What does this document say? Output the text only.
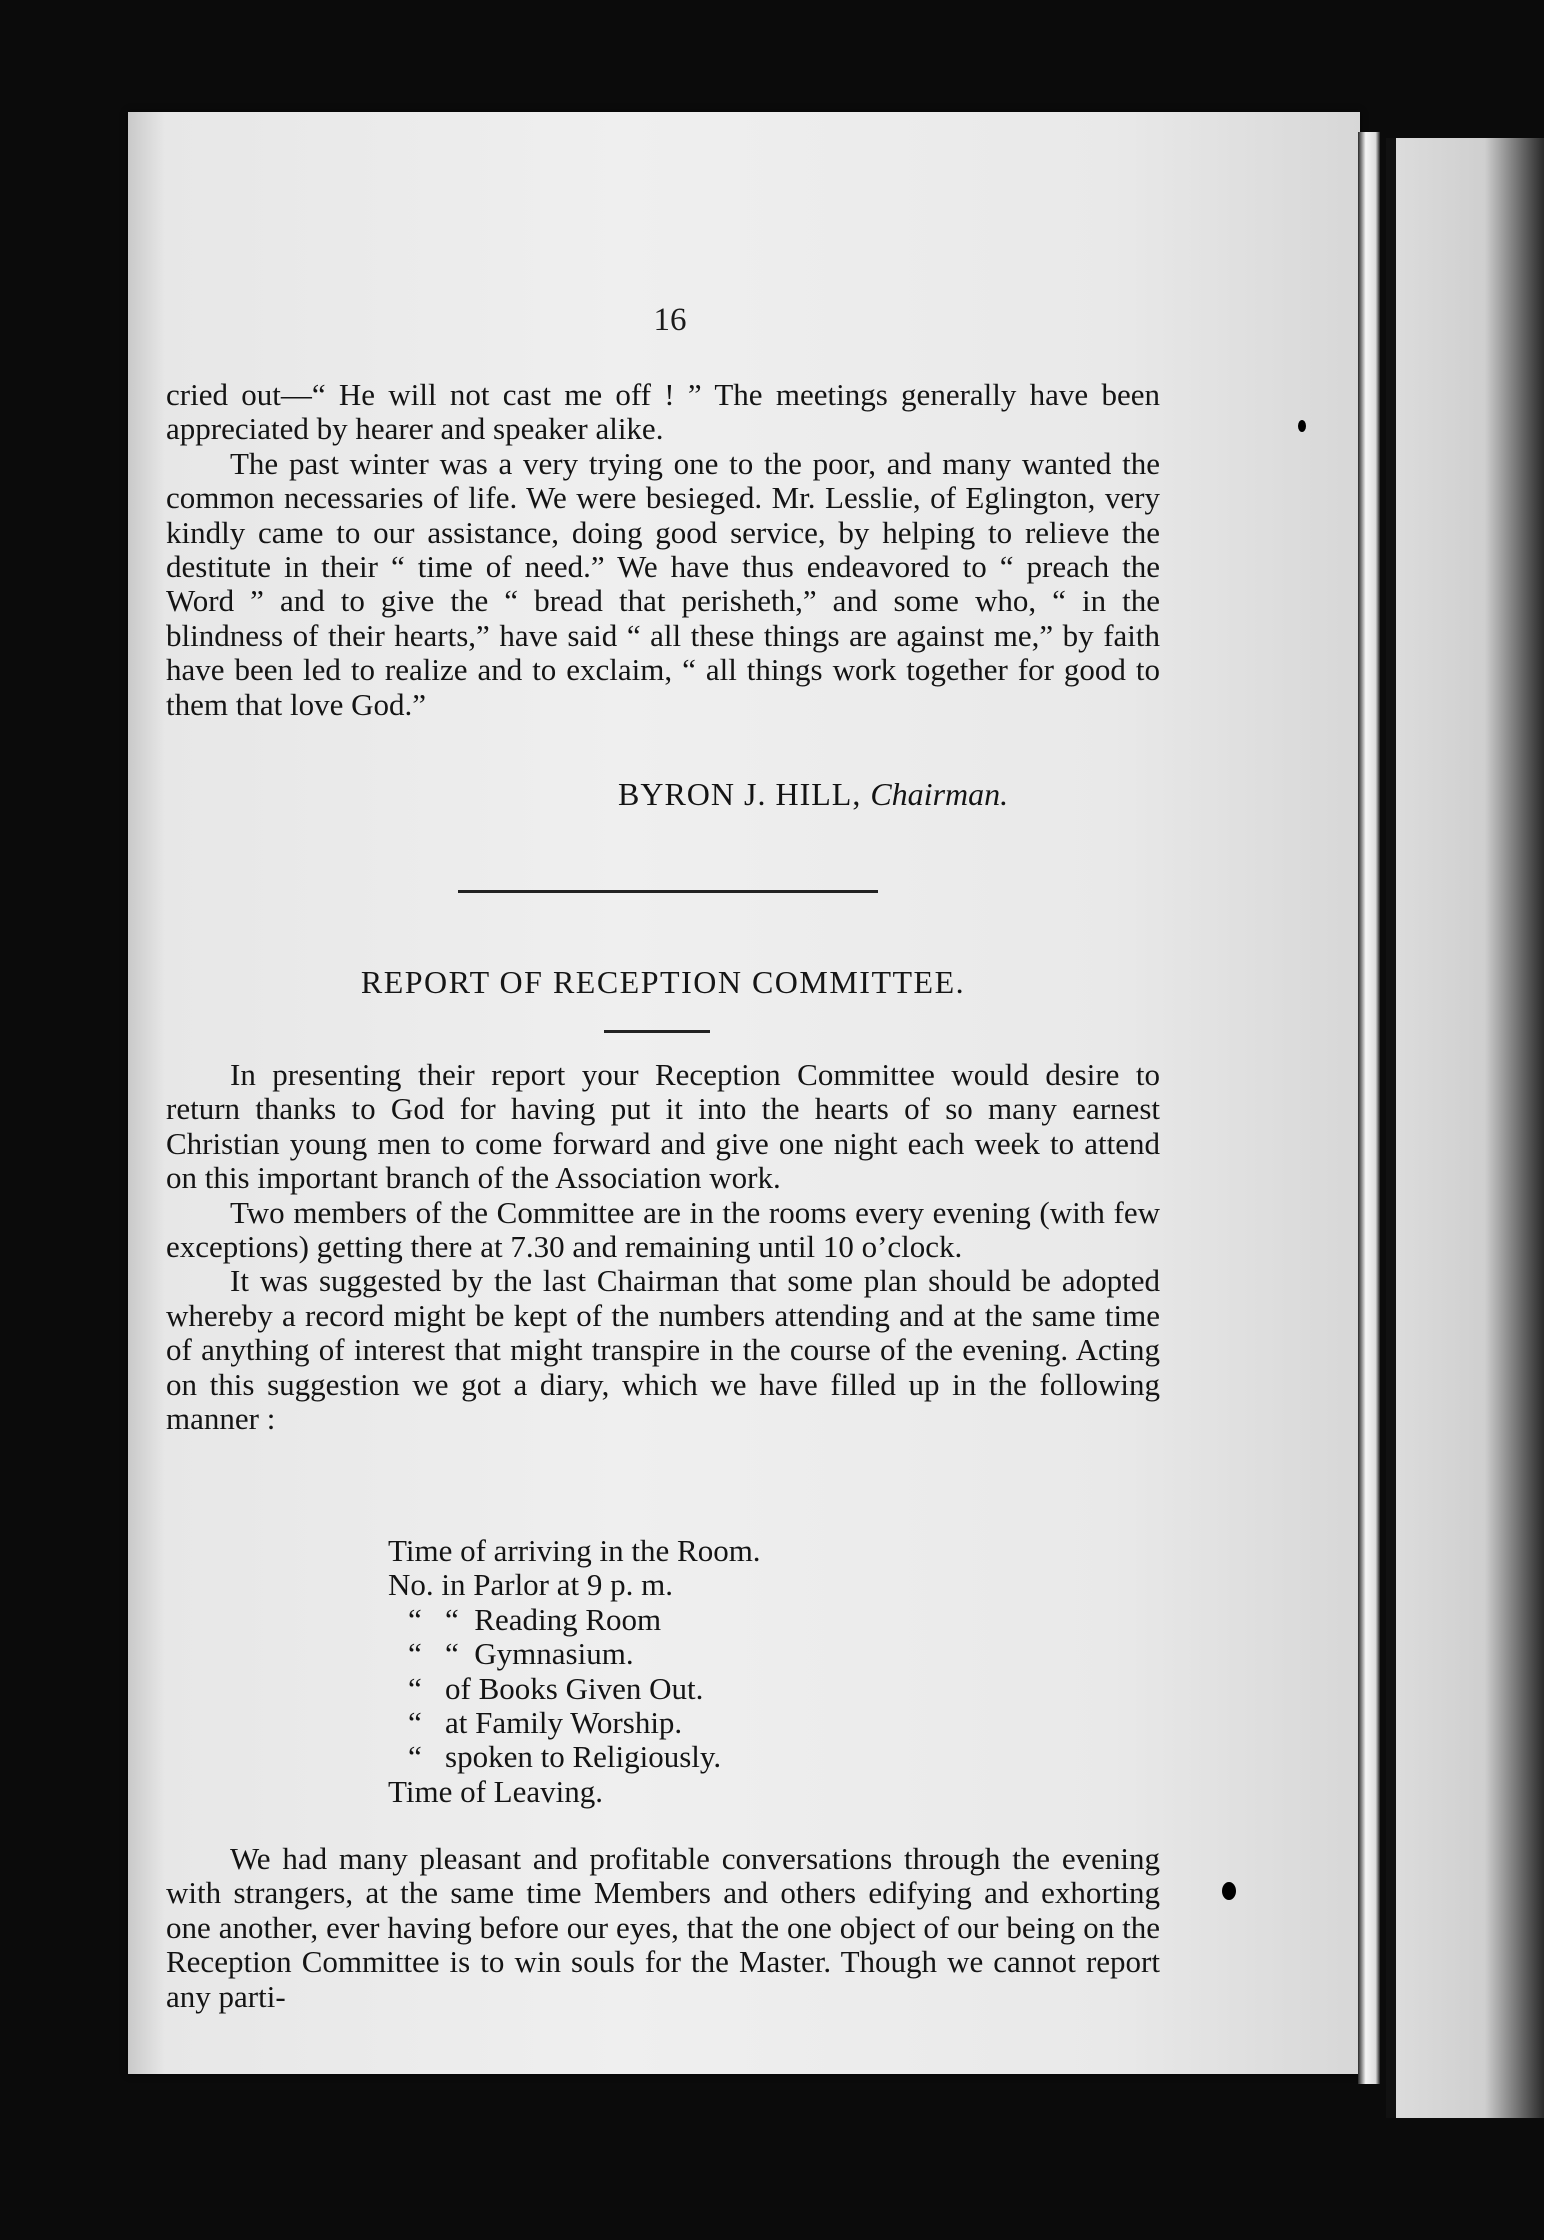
16

cried out—“ He will not cast me off ! ” The meetings generally have been appreciated by hearer and speaker alike.

The past winter was a very trying one to the poor, and many wanted the common necessaries of life. We were besieged. Mr. Lesslie, of Eglington, very kindly came to our assistance, doing good service, by helping to relieve the destitute in their “ time of need.” We have thus endeavored to “ preach the Word ” and to give the “ bread that perisheth,” and some who, “ in the blindness of their hearts,” have said “ all these things are against me,” by faith have been led to realize and to exclaim, “ all things work together for good to them that love God.”

BYRON J. HILL, Chairman.
REPORT OF RECEPTION COMMITTEE.

In presenting their report your Reception Committee would desire to return thanks to God for having put it into the hearts of so many earnest Christian young men to come forward and give one night each week to attend on this important branch of the Association work.

Two members of the Committee are in the rooms every evening (with few exceptions) getting there at 7.30 and remaining until 10 o’clock.

It was suggested by the last Chairman that some plan should be adopted whereby a record might be kept of the numbers attending and at the same time of anything of interest that might transpire in the course of the evening. Acting on this suggestion we got a diary, which we have filled up in the following manner :

Time of arriving in the Room.
No. in Parlor at 9 p. m.
“   “  Reading Room
“   “  Gymnasium.
“   of Books Given Out.
“   at Family Worship.
“   spoken to Religiously.
Time of Leaving.
We had many pleasant and profitable conversations through the evening with strangers, at the same time Members and others edifying and exhorting one another, ever having before our eyes, that the one object of our being on the Reception Committee is to win souls for the Master. Though we cannot report any parti-
